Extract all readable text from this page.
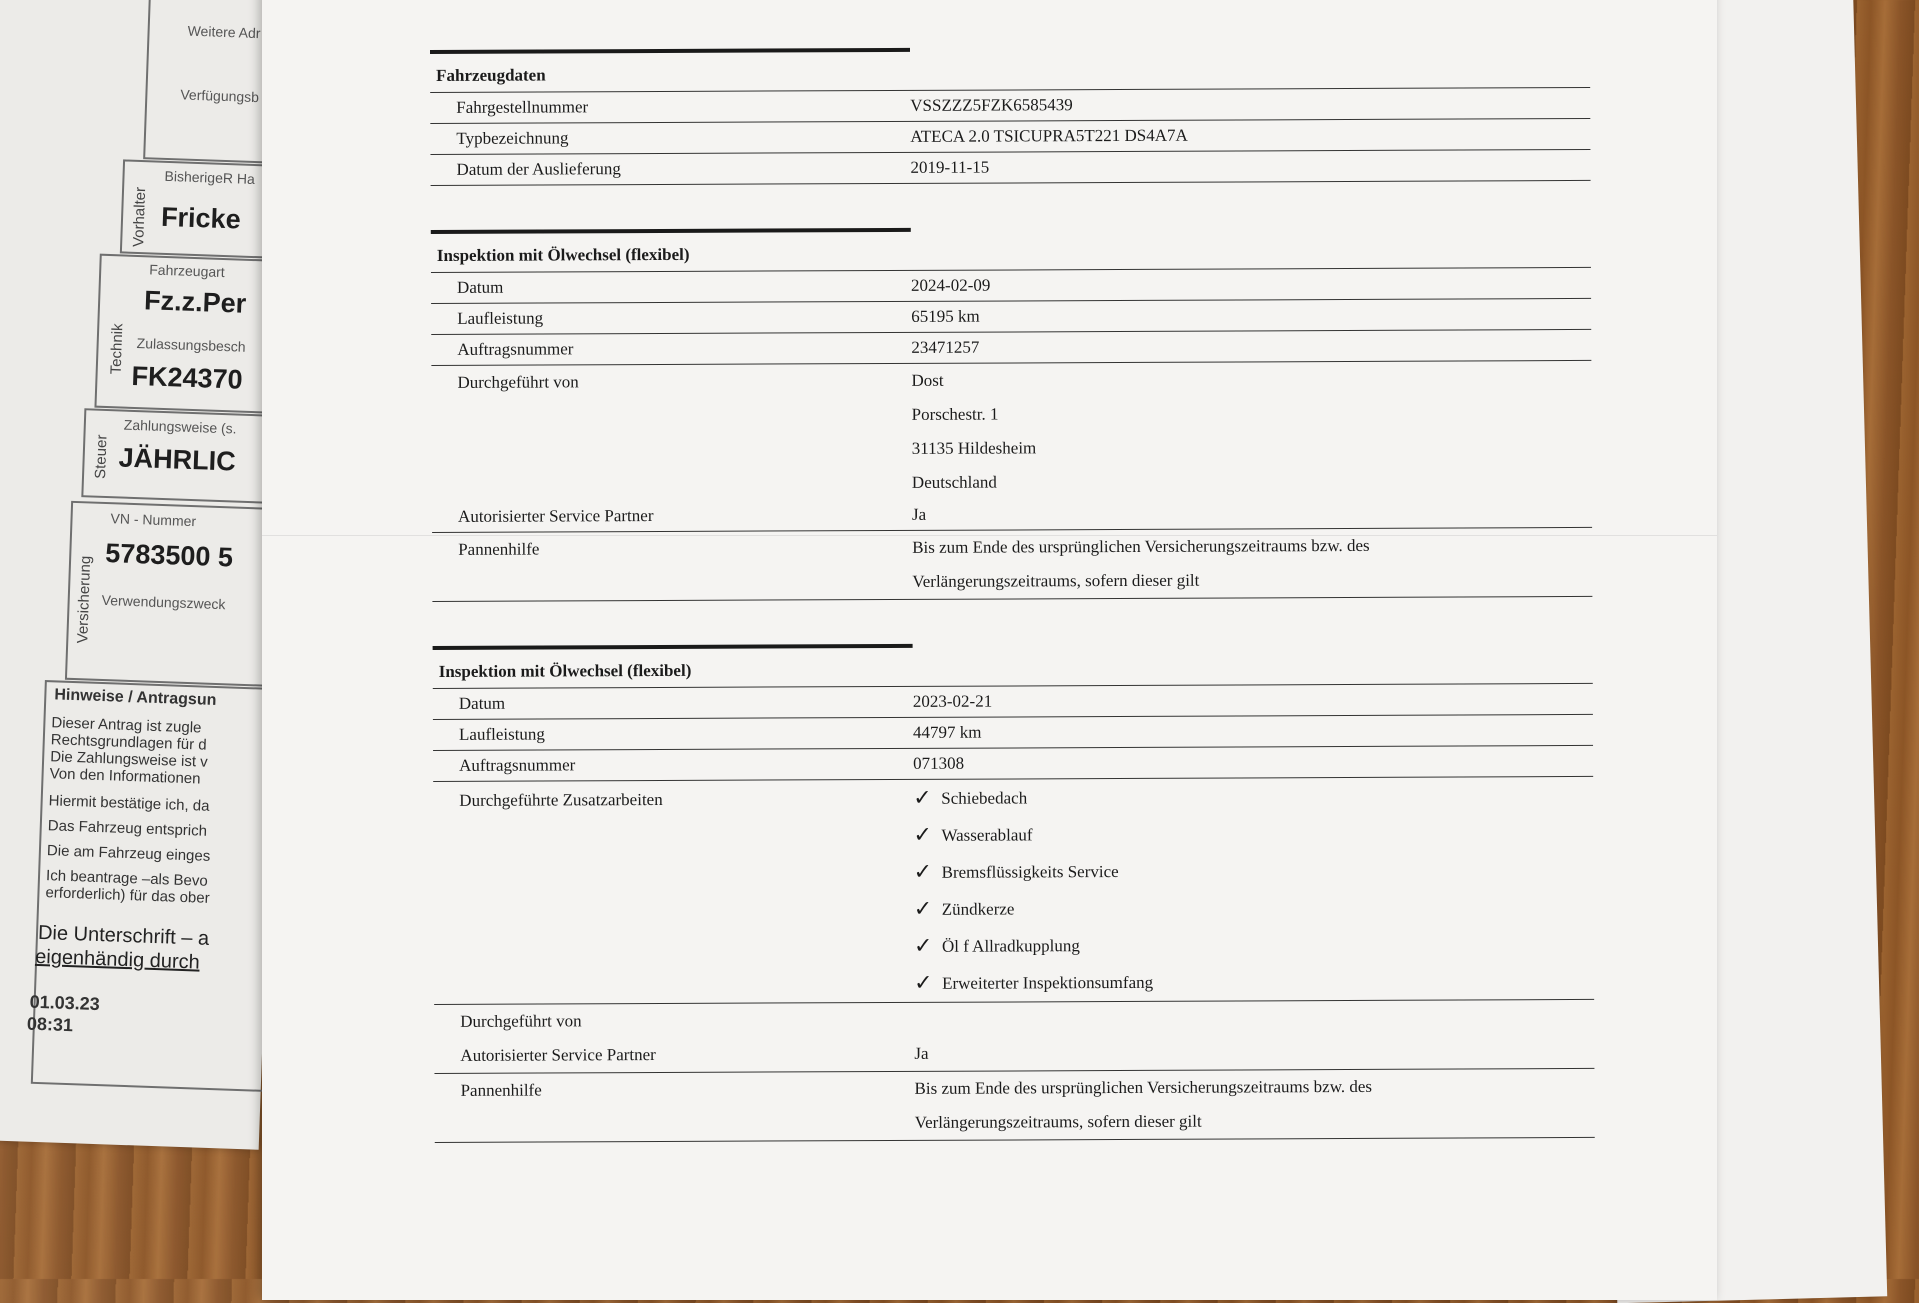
Weitere Adr
Verfügungsb
Vorhalter
BisherigeR Ha
Fricke
Technik
Fahrzeugart
Fz.z.Per
Zulassungsbesch
FK24370
Steuer
Zahlungsweise (s.
JÄHRLIC
Versicherung
VN - Nummer
5783500 5
Verwendungszweck
Hinweise / Antragsun
Dieser Antrag ist zugle
Rechtsgrundlagen für d
Die Zahlungsweise ist v
Von den Informationen
Hiermit bestätige ich, da
Das Fahrzeug entsprich
Die am Fahrzeug einges
Ich beantrage –als Bevo
erforderlich) für das ober
Die Unterschrift – a
eigenhändig durch
01.03.23
08:31
Fahrzeugdaten
Fahrgestellnummer	VSSZZZ5FZK6585439
Typbezeichnung	ATECA 2.0 TSICUPRA5T221 DS4A7A
Datum der Auslieferung	2019-11-15
Inspektion mit Ölwechsel (flexibel)
Datum	2024-02-09
Laufleistung	65195 km
Auftragsnummer	23471257
Durchgeführt von	Dost
Porschestr. 1
31135 Hildesheim
Deutschland
Autorisierter Service Partner	Ja
Pannenhilfe	Bis zum Ende des ursprünglichen Versicherungszeitraums bzw. des
Verlängerungszeitraums, sofern dieser gilt
Inspektion mit Ölwechsel (flexibel)
Datum	2023-02-21
Laufleistung	44797 km
Auftragsnummer	071308
Durchgeführte Zusatzarbeiten	✓ Schiebedach
✓ Wasserablauf
✓ Bremsflüssigkeits Service
✓ Zündkerze
✓ Öl f Allradkupplung
✓ Erweiterter Inspektionsumfang
Durchgeführt von
Autorisierter Service Partner	Ja
Pannenhilfe	Bis zum Ende des ursprünglichen Versicherungszeitraums bzw. des
Verlängerungszeitraums, sofern dieser gilt
